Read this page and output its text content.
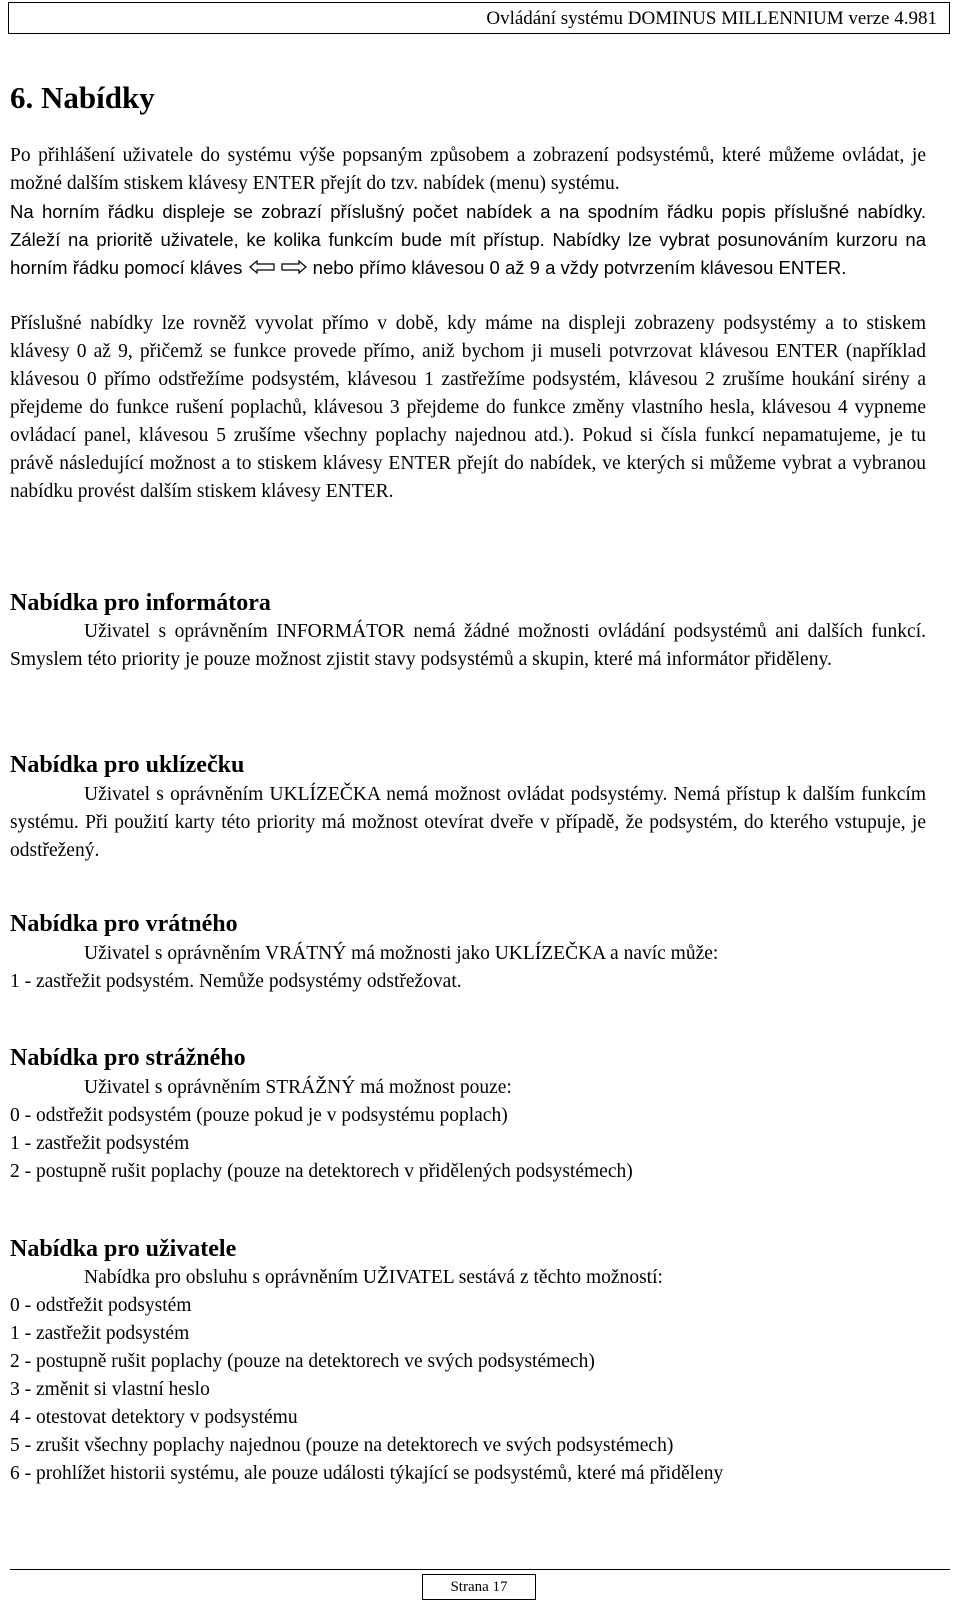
Ovládání systému DOMINUS MILLENNIUM verze 4.981
6. Nabídky

Po přihlášení uživatele do systému výše popsaným způsobem a zobrazení podsystémů, které můžeme ovládat, je možné dalším stiskem klávesy ENTER přejít do tzv. nabídek (menu) systému.

Na horním řádku displeje se zobrazí příslušný počet nabídek a na spodním řádku popis příslušné nabídky. Záleží na prioritě uživatele, ke kolika funkcím bude mít přístup. Nabídky lze vybrat posunováním kurzoru na horním řádku pomocí kláves	nebo přímo klávesou 0 až 9 a vždy potvrzením klávesou ENTER.

Příslušné nabídky lze rovněž vyvolat přímo v době, kdy máme na displeji zobrazeny podsystémy a to stiskem klávesy 0 až 9, přičemž se funkce provede přímo, aniž bychom ji museli potvrzovat klávesou ENTER (například klávesou 0 přímo odstřežíme podsystém, klávesou 1 zastřežíme podsystém, klávesou 2 zrušíme houkání sirény a přejdeme do funkce rušení poplachů, klávesou 3 přejdeme do funkce změny vlastního hesla, klávesou 4 vypneme ovládací panel, klávesou 5 zrušíme všechny poplachy najednou atd.). Pokud si čísla funkcí nepamatujeme, je tu právě následující možnost a to stiskem klávesy ENTER přejít do nabídek, ve kterých si můžeme vybrat a vybranou nabídku provést dalším stiskem klávesy ENTER.

Nabídka pro informátora

Uživatel s oprávněním INFORMÁTOR nemá žádné možnosti ovládání podsystémů ani dalších funkcí. Smyslem této priority je pouze možnost zjistit stavy podsystémů a skupin, které má informátor přiděleny.

Nabídka pro uklízečku

Uživatel s oprávněním UKLÍZEČKA nemá možnost ovládat podsystémy. Nemá přístup k dalším funkcím systému. Při použití karty této priority má možnost otevírat dveře v případě, že podsystém, do kterého vstupuje, je odstřežený.

Nabídka pro vrátného
Uživatel s oprávněním VRÁTNÝ má možnosti jako UKLÍZEČKA a navíc může:
1 - zastřežit podsystém. Nemůže podsystémy odstřežovat.
Nabídka pro strážného
Uživatel s oprávněním STRÁŽNÝ má možnost pouze:
0 - odstřežit podsystém (pouze pokud je v podsystému poplach)
1 - zastřežit podsystém
2 - postupně rušit poplachy (pouze na detektorech v přidělených podsystémech)
Nabídka pro uživatele
Nabídka pro obsluhu s oprávněním UŽIVATEL sestává z těchto možností:
0 - odstřežit podsystém
1 - zastřežit podsystém
2 - postupně rušit poplachy (pouze na detektorech ve svých podsystémech)
3 - změnit si vlastní heslo
4 - otestovat detektory v podsystému
5 - zrušit všechny poplachy najednou (pouze na detektorech ve svých podsystémech)
6 - prohlížet historii systému, ale pouze události týkající se podsystémů, které má přiděleny
Strana 17
